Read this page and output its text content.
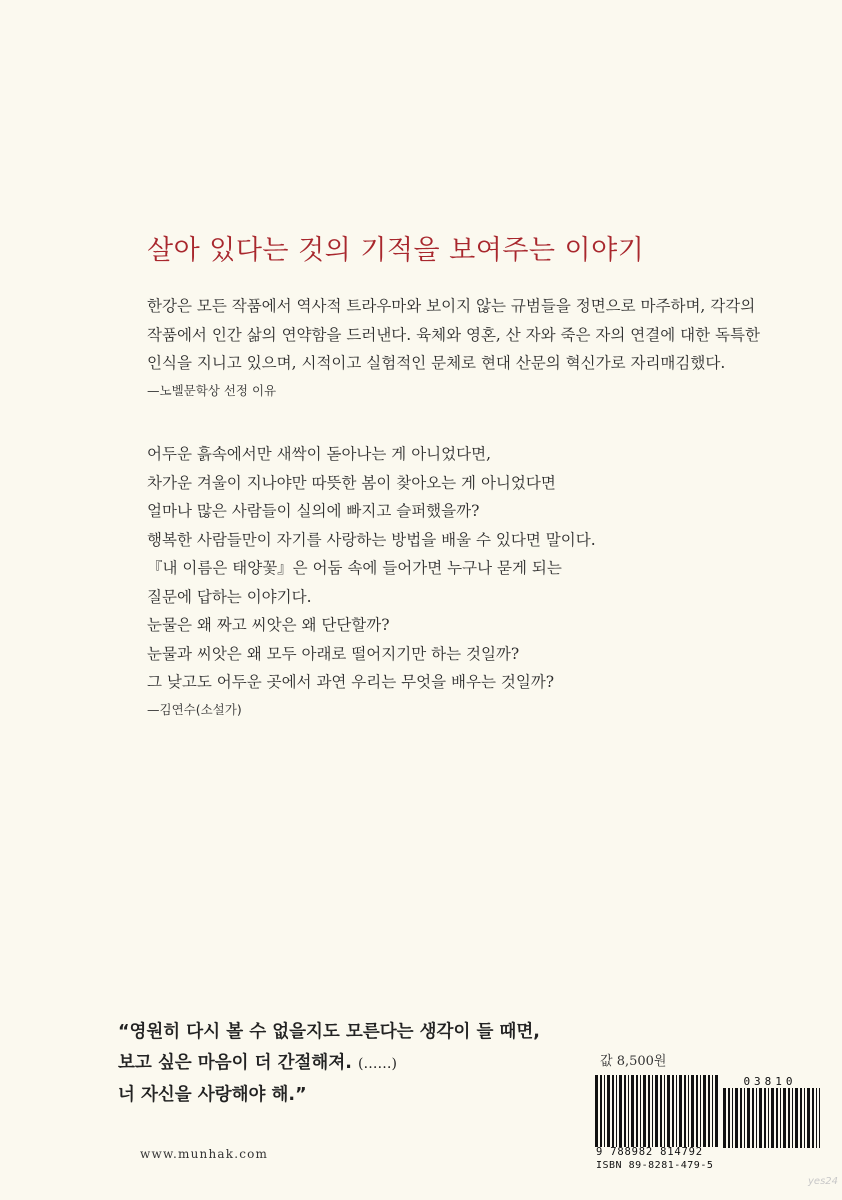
살아 있다는 것의 기적을 보여주는 이야기

한강은 모든 작품에서 역사적 트라우마와 보이지 않는 규범들을 정면으로 마주하며, 각각의

작품에서 인간 삶의 연약함을 드러낸다. 육체와 영혼, 산 자와 죽은 자의 연결에 대한 독특한

인식을 지니고 있으며, 시적이고 실험적인 문체로 현대 산문의 혁신가로 자리매김했다.

—노벨문학상 선정 이유

어두운 흙속에서만 새싹이 돋아나는 게 아니었다면,

차가운 겨울이 지나야만 따뜻한 봄이 찾아오는 게 아니었다면

얼마나 많은 사람들이 실의에 빠지고 슬퍼했을까?

행복한 사람들만이 자기를 사랑하는 방법을 배울 수 있다면 말이다.

『내 이름은 태양꽃』은 어둠 속에 들어가면 누구나 묻게 되는

질문에 답하는 이야기다.

눈물은 왜 짜고 씨앗은 왜 단단할까?

눈물과 씨앗은 왜 모두 아래로 떨어지기만 하는 것일까?

그 낮고도 어두운 곳에서 과연 우리는 무엇을 배우는 것일까?

—김연수(소설가)

“영원히 다시 볼 수 없을지도 모른다는 생각이 들 때면,

보고 싶은 마음이 더 간절해져. (……)

너 자신을 사랑해야 해.”

www.munhak.com
값 8,500원
03810
9 788982 814792
ISBN 89-8281-479-5
yes24
